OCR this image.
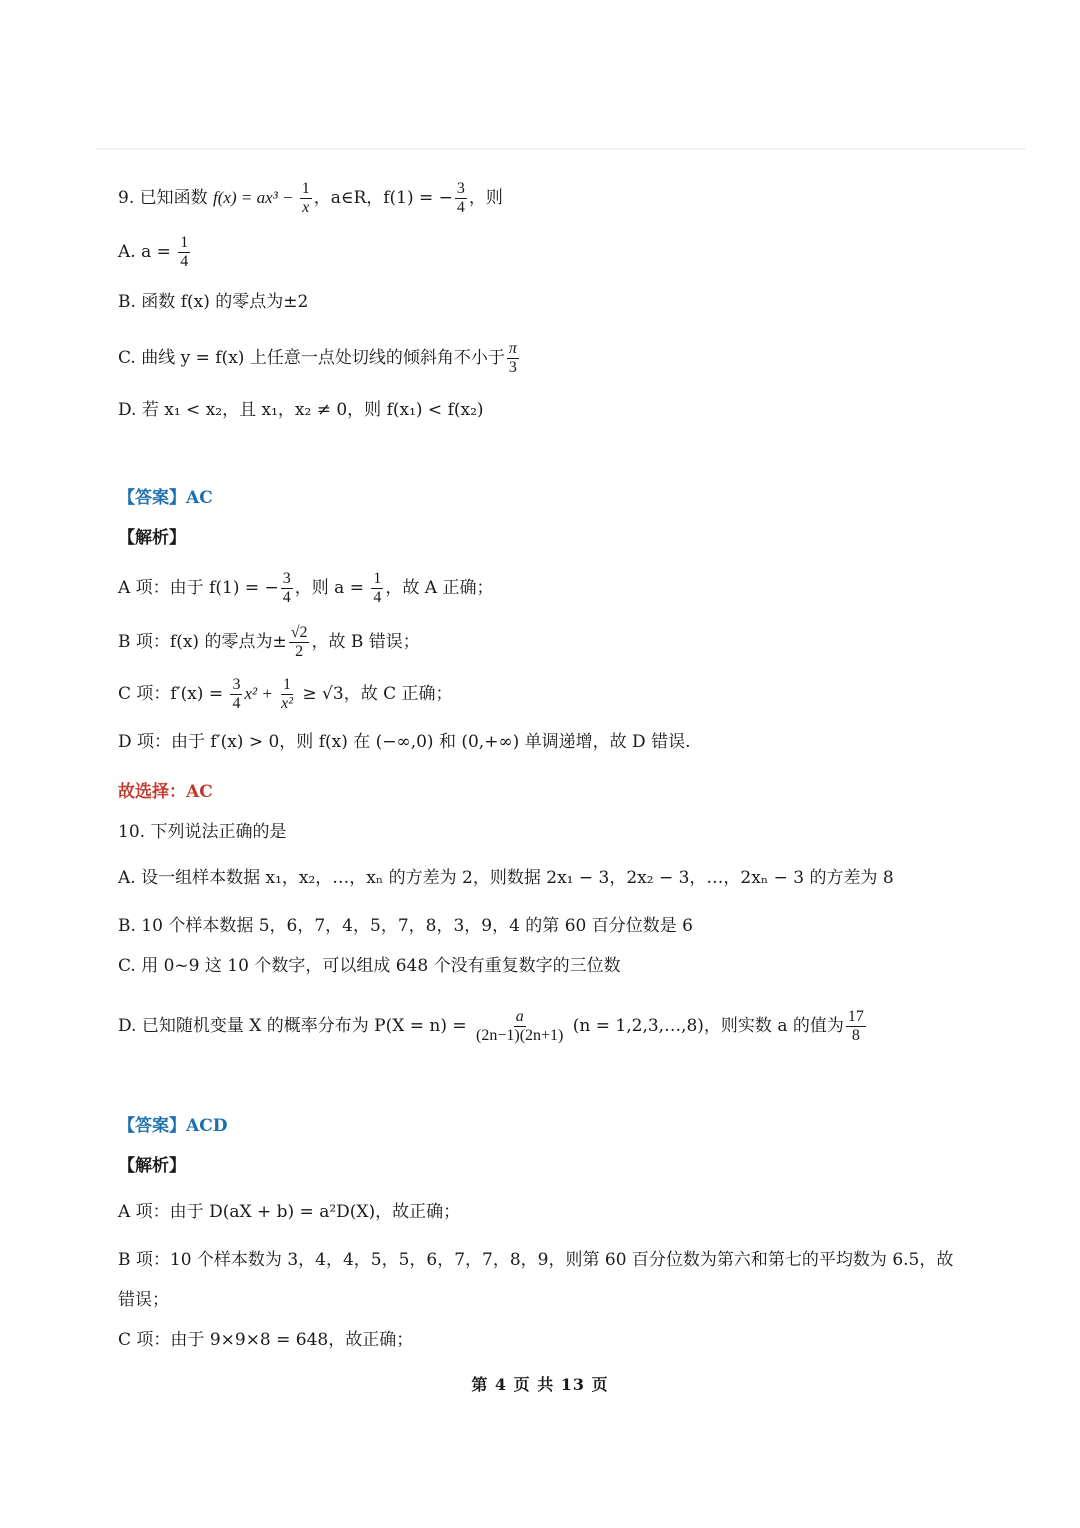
9. 已知函数 $f(x) = ax^3 - \frac{1}{x}$ ，a∈R，f(1) = − $\frac{3}{4}$ ，则
A. $a = \frac{1}{4}$
B. 函数 f(x) 的零点为±2
C. 曲线 y = f(x) 上任意一点处切线的倾斜角不小于 $\frac{\pi}{3}$
D. 若 x₁ < x₂，且 x₁，x₂ ≠ 0，则 f(x₁) < f(x₂)
【答案】AC
【解析】
A 项：由于 f(1) = − $\frac{3}{4}$ ，则 $a = \frac{1}{4}$ ，故 A 正确；
B 项：f(x) 的零点为± $\frac{√2}{2}$ ，故 B 错误；
C 项：$f'(x) = \frac{3}{4} x^2 + \frac{1}{\text{x²}} \ge √3$，故 C 正确；
D 项：由于 f′(x) > 0，则 f(x) 在 (−∞,0) 和 (0,+∞) 单调递增，故 D 错误.
故选择：AC
10. 下列说法正确的是
A. 设一组样本数据 x₁，x₂，…，xₙ 的方差为 2，则数据 2x₁ − 3，2x₂ − 3，…，2xₙ − 3 的方差为 8
B. 10 个样本数据 5，6，7，4，5，7，8，3，9，4 的第 60 百分位数是 6
C. 用 0~9 这 10 个数字，可以组成 648 个没有重复数字的三位数
D. 已知随机变量 X 的概率分布为 $P(X = n) = \frac{a}{(2n-1)(2n+1)} (n$ = 1,2,3,…,8)，则实数 a 的值为 $\frac{17}{8}$
【答案】ACD
【解析】
A 项：由于 D(aX + b) = a²D(X)，故正确；
B 项：10 个样本数为 3，4，4，5，5，6，7，7，8，9，则第 60 百分位数为第六和第七的平均数为 6.5，故
错误；
C 项：由于 9×9×8 = 648，故正确；
第 4 页 共 13 页
